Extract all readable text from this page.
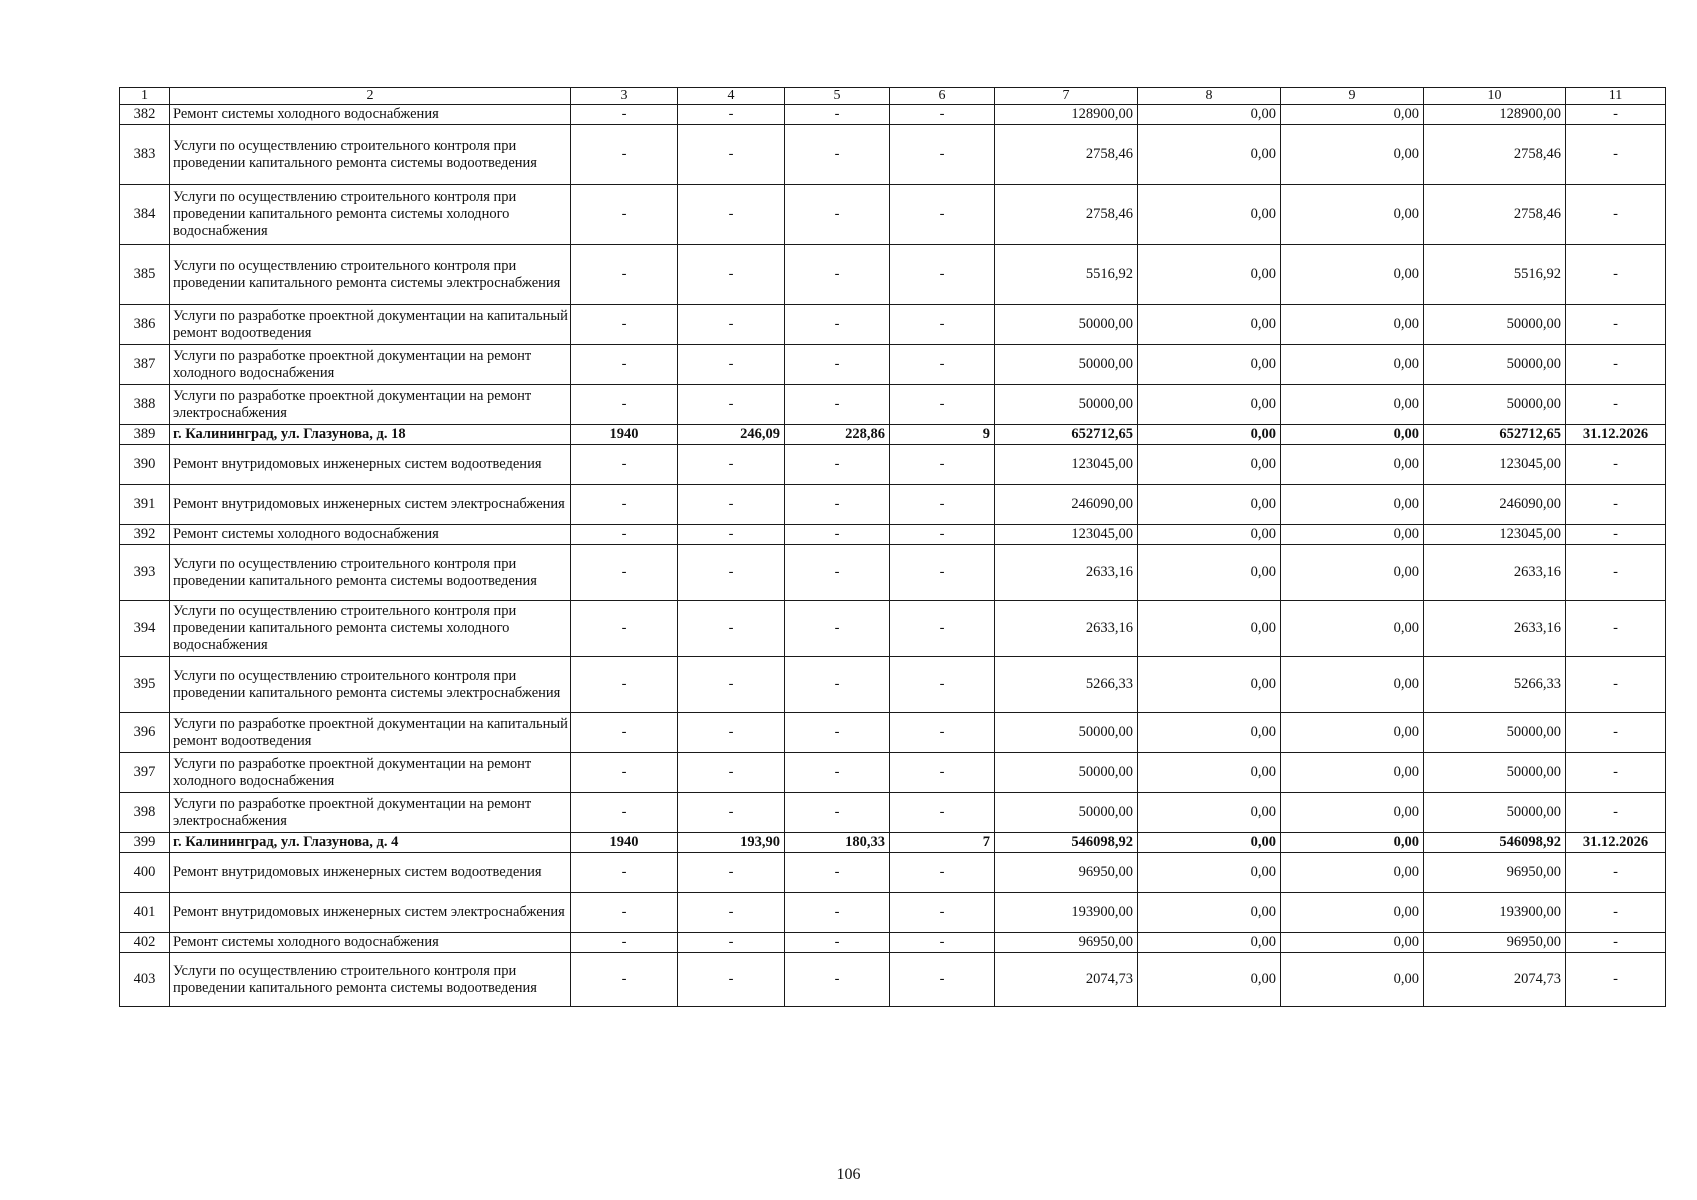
1	2	3	4	5	6	7	8	9	10	11
382	Ремонт системы холодного водоснабжения	-	-	-	-	128900,00	0,00	0,00	128900,00	-
383	Услуги по осуществлению строительного контроля при проведении капитального ремонта системы водоотведения	-	-	-	-	2758,46	0,00	0,00	2758,46	-
384	Услуги по осуществлению строительного контроля при проведении капитального ремонта системы холодного водоснабжения	-	-	-	-	2758,46	0,00	0,00	2758,46	-
385	Услуги по осуществлению строительного контроля при проведении капитального ремонта системы электроснабжения	-	-	-	-	5516,92	0,00	0,00	5516,92	-
386	Услуги по разработке проектной документации на капитальный ремонт водоотведения	-	-	-	-	50000,00	0,00	0,00	50000,00	-
387	Услуги по разработке проектной документации на ремонт холодного водоснабжения	-	-	-	-	50000,00	0,00	0,00	50000,00	-
388	Услуги по разработке проектной документации на ремонт электроснабжения	-	-	-	-	50000,00	0,00	0,00	50000,00	-
389	г. Калининград, ул. Глазунова, д. 18	1940	246,09	228,86	9	652712,65	0,00	0,00	652712,65	31.12.2026
390	Ремонт внутридомовых инженерных систем водоотведения	-	-	-	-	123045,00	0,00	0,00	123045,00	-
391	Ремонт внутридомовых инженерных систем электроснабжения	-	-	-	-	246090,00	0,00	0,00	246090,00	-
392	Ремонт системы холодного водоснабжения	-	-	-	-	123045,00	0,00	0,00	123045,00	-
393	Услуги по осуществлению строительного контроля при проведении капитального ремонта системы водоотведения	-	-	-	-	2633,16	0,00	0,00	2633,16	-
394	Услуги по осуществлению строительного контроля при проведении капитального ремонта системы холодного водоснабжения	-	-	-	-	2633,16	0,00	0,00	2633,16	-
395	Услуги по осуществлению строительного контроля при проведении капитального ремонта системы электроснабжения	-	-	-	-	5266,33	0,00	0,00	5266,33	-
396	Услуги по разработке проектной документации на капитальный ремонт водоотведения	-	-	-	-	50000,00	0,00	0,00	50000,00	-
397	Услуги по разработке проектной документации на ремонт холодного водоснабжения	-	-	-	-	50000,00	0,00	0,00	50000,00	-
398	Услуги по разработке проектной документации на ремонт электроснабжения	-	-	-	-	50000,00	0,00	0,00	50000,00	-
399	г. Калининград, ул. Глазунова, д. 4	1940	193,90	180,33	7	546098,92	0,00	0,00	546098,92	31.12.2026
400	Ремонт внутридомовых инженерных систем водоотведения	-	-	-	-	96950,00	0,00	0,00	96950,00	-
401	Ремонт внутридомовых инженерных систем электроснабжения	-	-	-	-	193900,00	0,00	0,00	193900,00	-
402	Ремонт системы холодного водоснабжения	-	-	-	-	96950,00	0,00	0,00	96950,00	-
403	Услуги по осуществлению строительного контроля при проведении капитального ремонта системы водоотведения	-	-	-	-	2074,73	0,00	0,00	2074,73	-
106
